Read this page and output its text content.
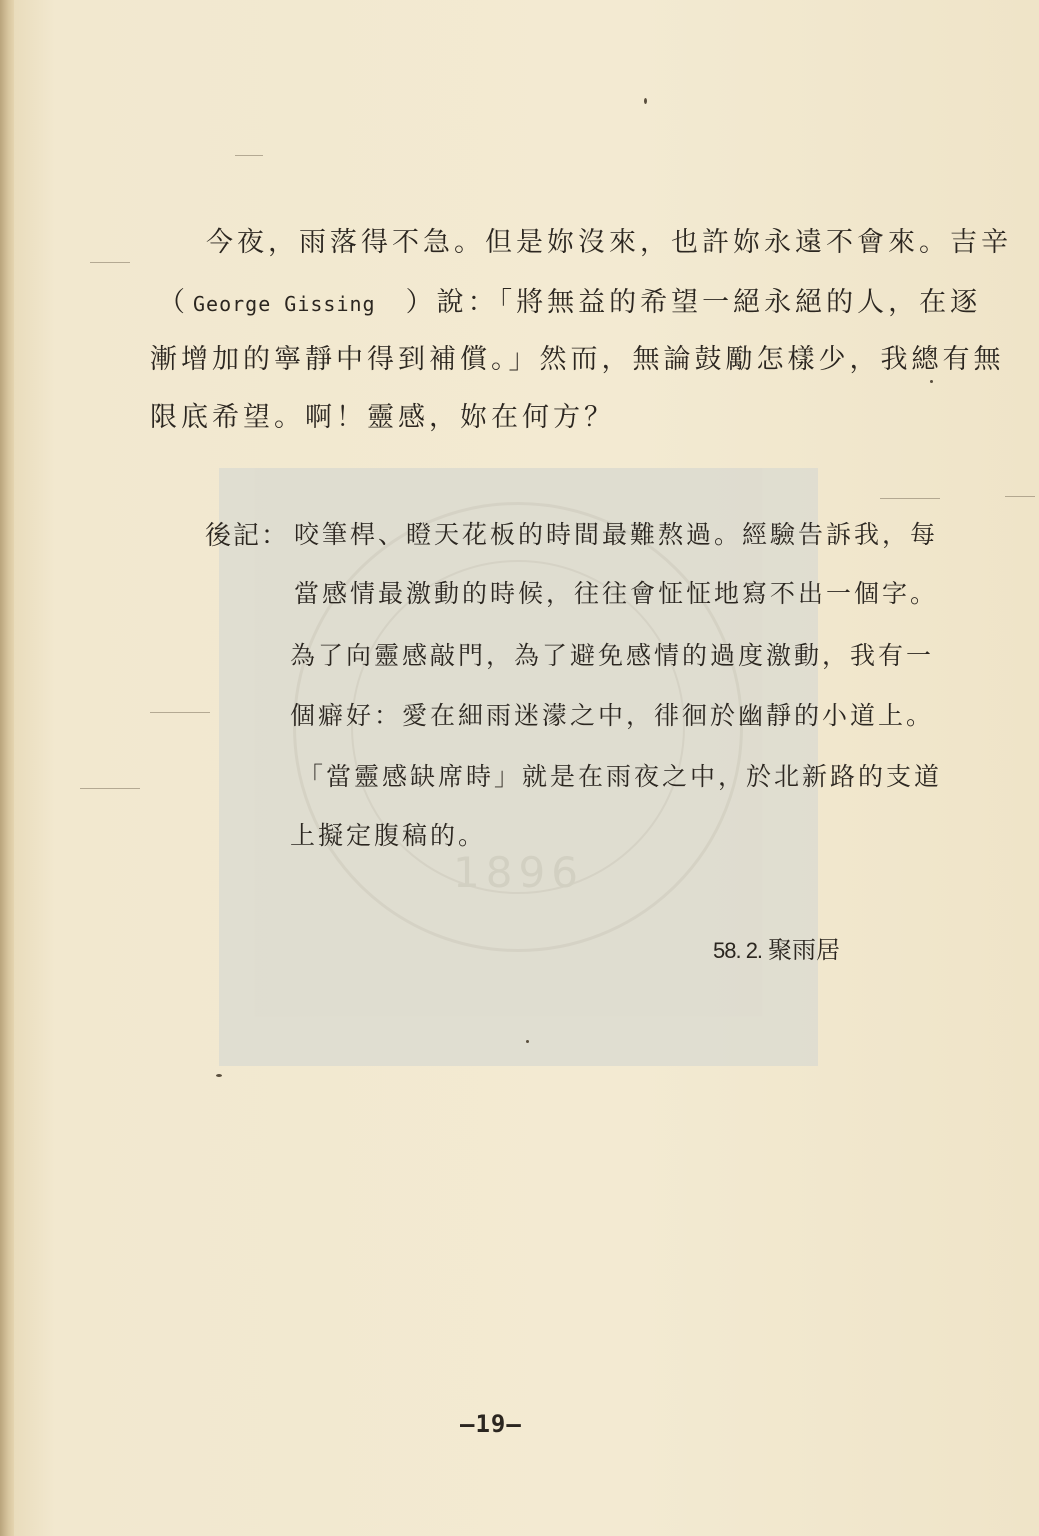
1896
今夜，雨落得不急。但是妳沒來，也許妳永遠不會來。吉辛
（ George Gissing ）說：「將無益的希望一絕永絕的人，在逐
漸增加的寧靜中得到補償。」然而，無論鼓勵怎樣少，我總有無
限底希望。啊！靈感，妳在何方？
後記： 咬筆桿、瞪天花板的時間最難熬過。經驗告訴我，每
當感情最激動的時候，往往會怔怔地寫不出一個字。
為了向靈感敲門，為了避免感情的過度激動，我有一
個癖好：愛在細雨迷濛之中，徘徊於幽靜的小道上。
「當靈感缺席時」就是在雨夜之中，於北新路的支道
上擬定腹稿的。
58. 2. 聚雨居
—19—
